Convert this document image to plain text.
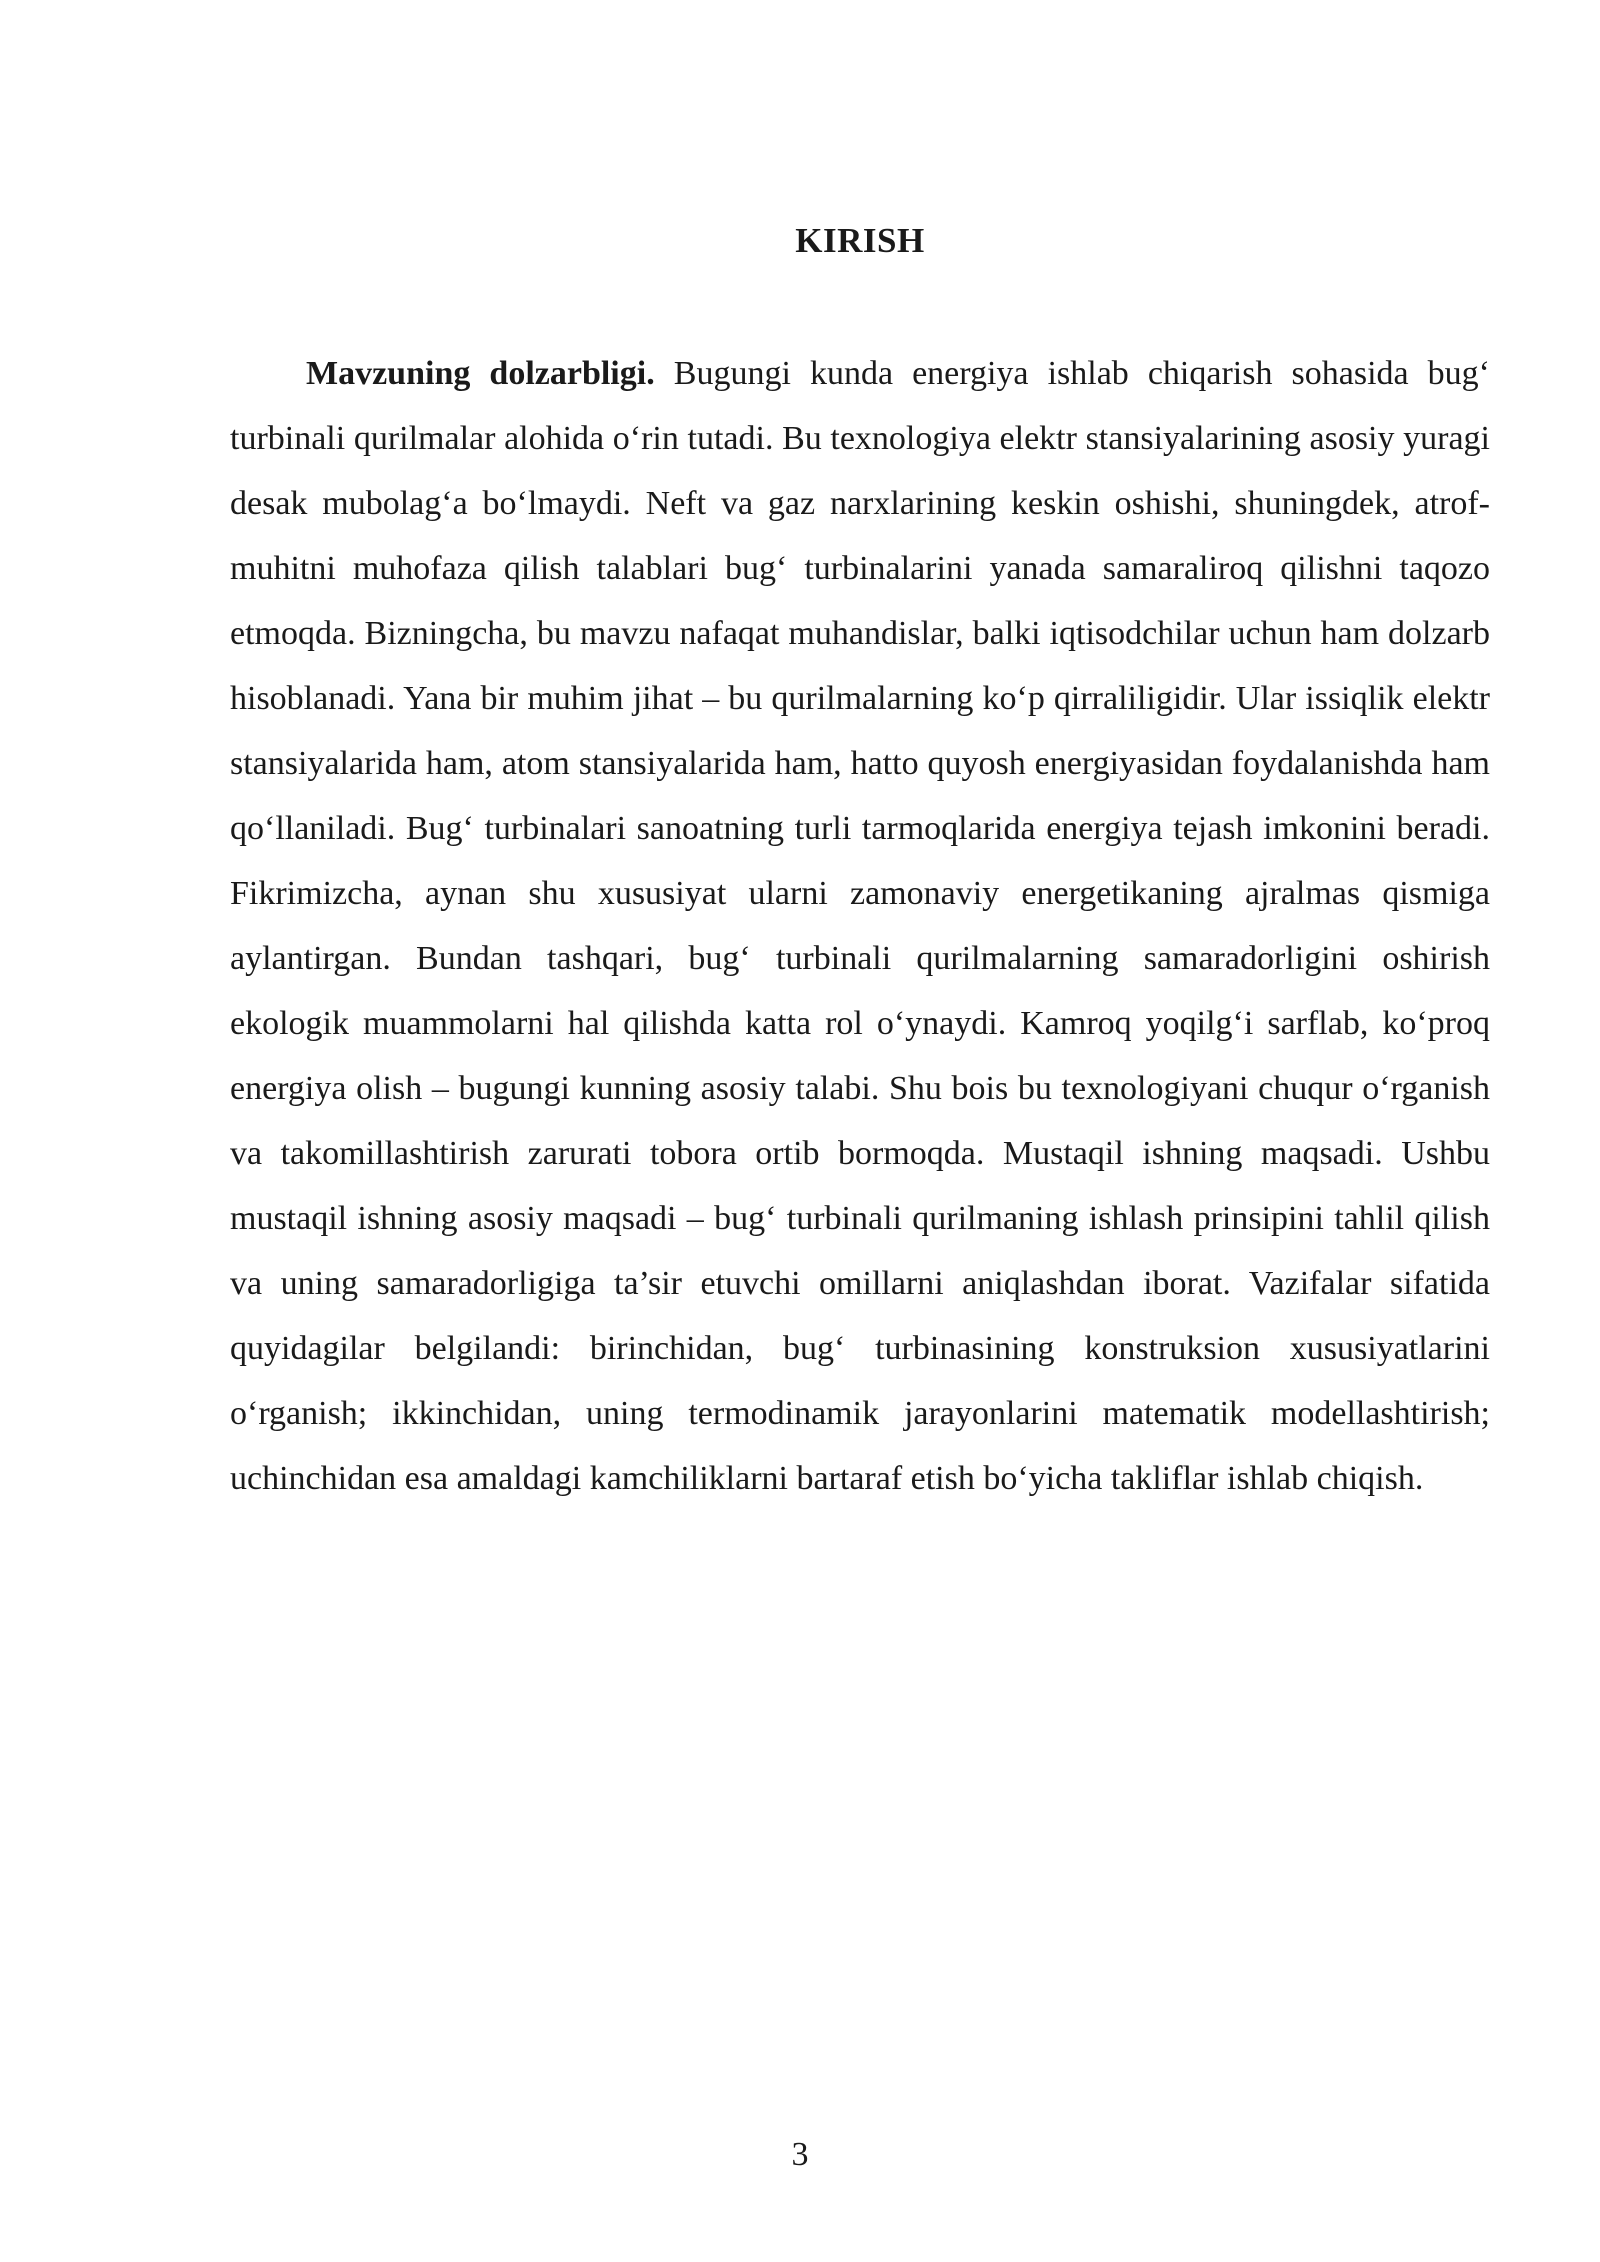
KIRISH

Mavzuning dolzarbligi. Bugungi kunda energiya ishlab chiqarish sohasida bug‘ turbinali qurilmalar alohida o‘rin tutadi. Bu texnologiya elektr stansiyalarining asosiy yuragi desak mubolag‘a bo‘lmaydi. Neft va gaz narxlarining keskin oshishi, shuningdek, atrof-muhitni muhofaza qilish talablari bug‘ turbinalarini yanada samaraliroq qilishni taqozo etmoqda. Bizningcha, bu mavzu nafaqat muhandislar, balki iqtisodchilar uchun ham dolzarb hisoblanadi. Yana bir muhim jihat – bu qurilmalarning ko‘p qirraliligidir. Ular issiqlik elektr stansiyalarida ham, atom stansiyalarida ham, hatto quyosh energiyasidan foydalanishda ham qo‘llaniladi. Bug‘ turbinalari sanoatning turli tarmoqlarida energiya tejash imkonini beradi. Fikrimizcha, aynan shu xususiyat ularni zamonaviy energetikaning ajralmas qismiga aylantirgan. Bundan tashqari, bug‘ turbinali qurilmalarning samaradorligini oshirish ekologik muammolarni hal qilishda katta rol o‘ynaydi. Kamroq yoqilg‘i sarflab, ko‘proq energiya olish – bugungi kunning asosiy talabi. Shu bois bu texnologiyani chuqur o‘rganish va takomillashtirish zarurati tobora ortib bormoqda. Mustaqil ishning maqsadi. Ushbu mustaqil ishning asosiy maqsadi – bug‘ turbinali qurilmaning ishlash prinsipini tahlil qilish va uning samaradorligiga ta’sir etuvchi omillarni aniqlashdan iborat. Vazifalar sifatida quyidagilar belgilandi: birinchidan, bug‘ turbinasining konstruksion xususiyatlarini o‘rganish; ikkinchidan, uning termodinamik jarayonlarini matematik modellashtirish; uchinchidan esa amaldagi kamchiliklarni bartaraf etish bo‘yicha takliflar ishlab chiqish.

3
